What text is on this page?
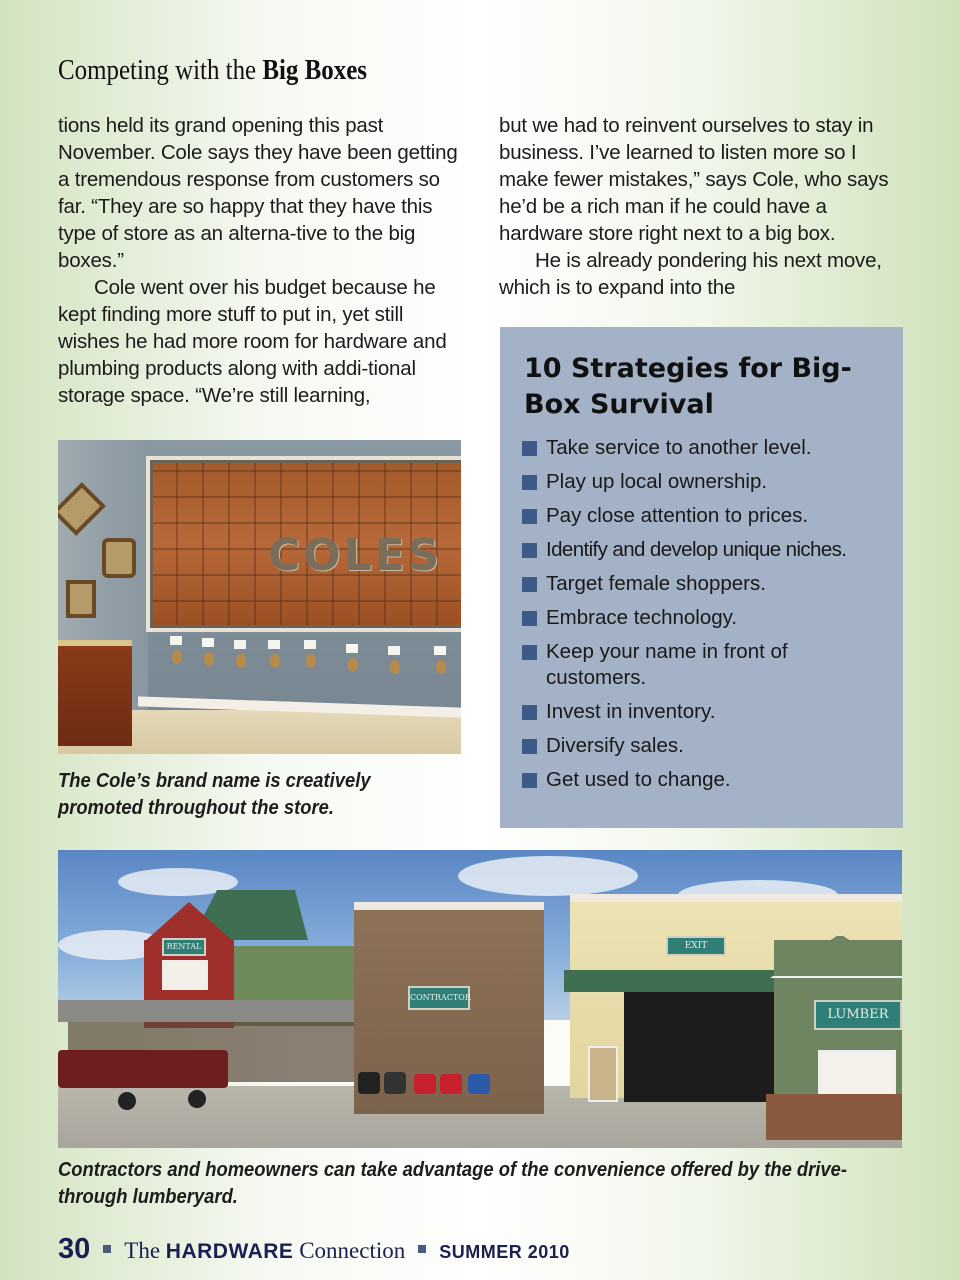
Competing with the Big Boxes

tions held its grand opening this past November. Cole says they have been getting a tremendous response from customers so far. “They are so happy that they have this type of store as an alterna-tive to the big boxes.”

Cole went over his budget because he kept finding more stuff to put in, yet still wishes he had more room for hardware and plumbing products along with addi-tional storage space. “We’re still learning,

but we had to reinvent ourselves to stay in business. I’ve learned to listen more so I make fewer mistakes,” says Cole, who says he’d be a rich man if he could have a hardware store right next to a big box.

He is already pondering his next move, which is to expand into the

COLES
The Cole’s brand name is creatively promoted throughout the store.
10 Strategies for Big-Box Survival
Take service to another level.
Play up local ownership.
Pay close attention to prices.
Identify and develop unique niches.
Target female shoppers.
Embrace technology.
Keep your name in front of customers.
Invest in inventory.
Diversify sales.
Get used to change.
RENTAL
CONTRACTOR
EXIT
LUMBER
Contractors and homeowners can take advantage of the convenience offered by the drive-through lumberyard.
30 The HARDWARE Connection SUMMER 2010
